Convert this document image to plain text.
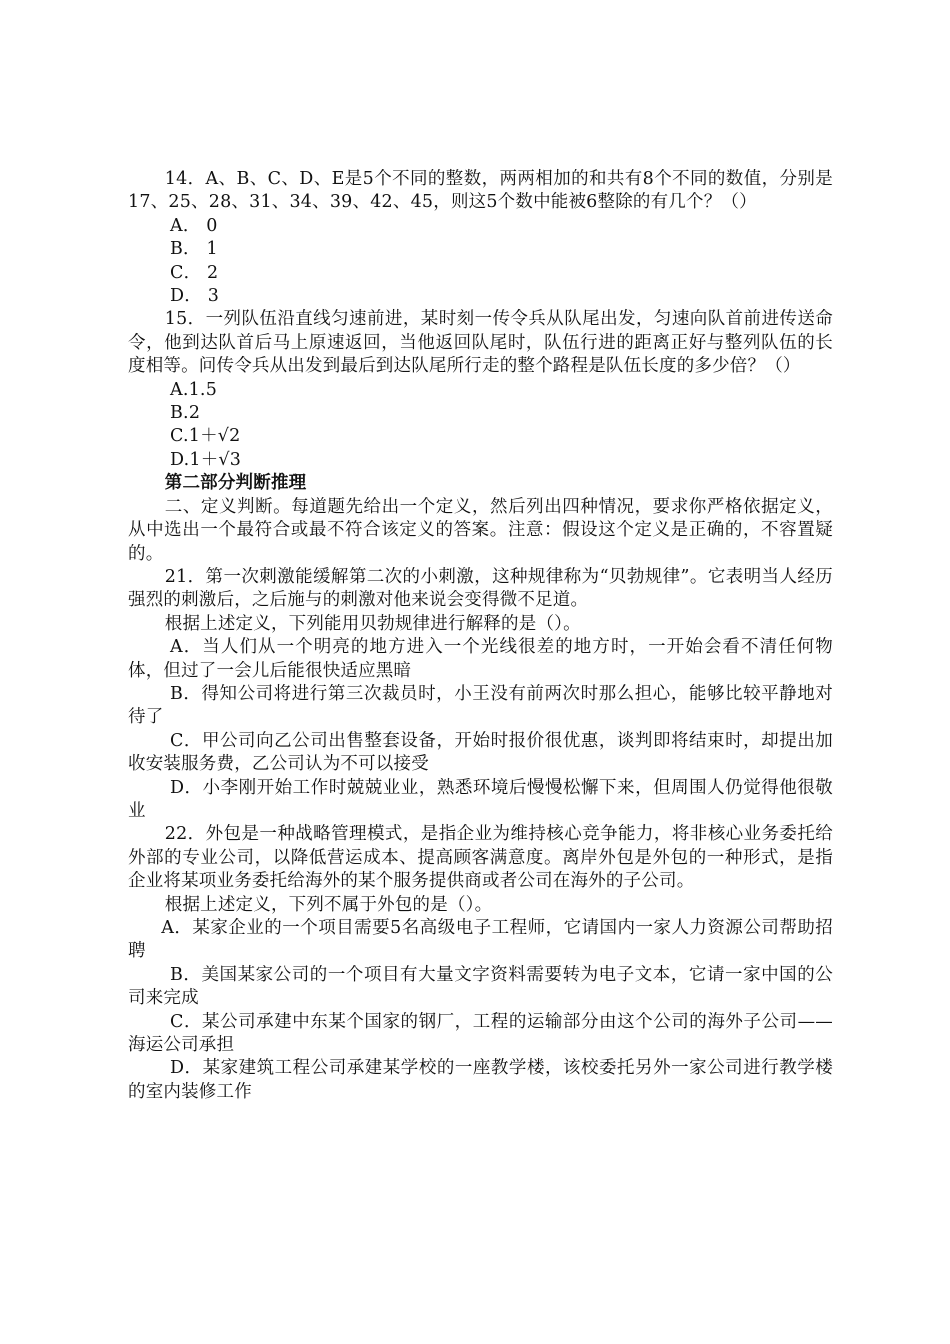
14．A、B、C、D、E是5个不同的整数，两两相加的和共有8个不同的数值，分别是17、25、28、31、34、39、42、45，则这5个数中能被6整除的有几个？（）

A． 0

B． 1

C． 2

D． 3

15．一列队伍沿直线匀速前进，某时刻一传令兵从队尾出发，匀速向队首前进传送命令，他到达队首后马上原速返回，当他返回队尾时，队伍行进的距离正好与整列队伍的长度相等。问传令兵从出发到最后到达队尾所行走的整个路程是队伍长度的多少倍？（）

A.1.5

B.2

C.1＋√2

D.1＋√3

第二部分判断推理

二、定义判断。每道题先给出一个定义，然后列出四种情况，要求你严格依据定义，从中选出一个最符合或最不符合该定义的答案。注意：假设这个定义是正确的，不容置疑的。

21．第一次刺激能缓解第二次的小刺激，这种规律称为“贝勃规律”。它表明当人经历强烈的刺激后，之后施与的刺激对他来说会变得微不足道。

根据上述定义，下列能用贝勃规律进行解释的是（）。

A．当人们从一个明亮的地方进入一个光线很差的地方时，一开始会看不清任何物体，但过了一会儿后能很快适应黑暗

B．得知公司将进行第三次裁员时，小王没有前两次时那么担心，能够比较平静地对待了

C．甲公司向乙公司出售整套设备，开始时报价很优惠，谈判即将结束时，却提出加收安装服务费，乙公司认为不可以接受

D．小李刚开始工作时兢兢业业，熟悉环境后慢慢松懈下来，但周围人仍觉得他很敬业

22．外包是一种战略管理模式，是指企业为维持核心竞争能力，将非核心业务委托给外部的专业公司，以降低营运成本、提高顾客满意度。离岸外包是外包的一种形式，是指企业将某项业务委托给海外的某个服务提供商或者公司在海外的子公司。

根据上述定义，下列不属于外包的是（）。

A．某家企业的一个项目需要5名高级电子工程师，它请国内一家人力资源公司帮助招聘

B．美国某家公司的一个项目有大量文字资料需要转为电子文本，它请一家中国的公司来完成

C．某公司承建中东某个国家的钢厂，工程的运输部分由这个公司的海外子公司——海运公司承担

D．某家建筑工程公司承建某学校的一座教学楼，该校委托另外一家公司进行教学楼的室内装修工作
